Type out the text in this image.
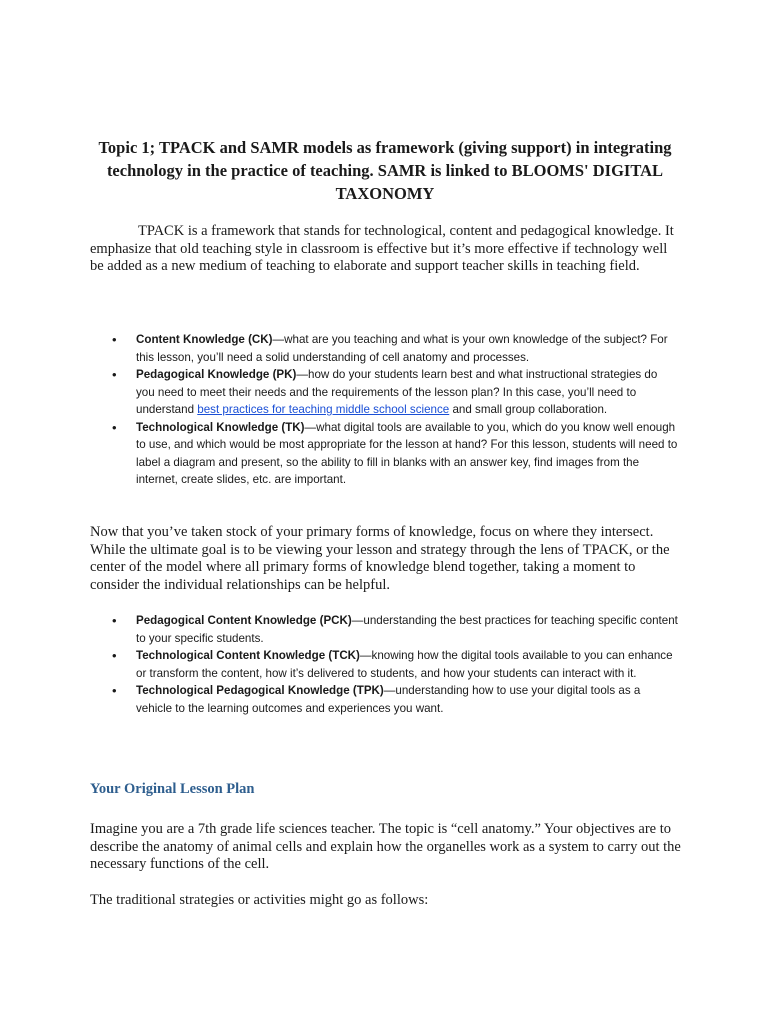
Topic 1; TPACK and SAMR models as framework (giving support) in integrating technology in the practice of teaching. SAMR is linked to BLOOMS' DIGITAL TAXONOMY

TPACK is a framework that stands for technological, content and pedagogical knowledge. It emphasize that old teaching style in classroom is effective but it’s more effective if technology well be added as a new medium of teaching to elaborate and support teacher skills in teaching field.

• Content Knowledge (CK)—what are you teaching and what is your own knowledge of the subject? For this lesson, you’ll need a solid understanding of cell anatomy and processes.
• Pedagogical Knowledge (PK)—how do your students learn best and what instructional strategies do you need to meet their needs and the requirements of the lesson plan? In this case, you’ll need to understand best practices for teaching middle school science and small group collaboration.
• Technological Knowledge (TK)—what digital tools are available to you, which do you know well enough to use, and which would be most appropriate for the lesson at hand? For this lesson, students will need to label a diagram and present, so the ability to fill in blanks with an answer key, find images from the internet, create slides, etc. are important.

Now that you’ve taken stock of your primary forms of knowledge, focus on where they intersect. While the ultimate goal is to be viewing your lesson and strategy through the lens of TPACK, or the center of the model where all primary forms of knowledge blend together, taking a moment to consider the individual relationships can be helpful.

• Pedagogical Content Knowledge (PCK)—understanding the best practices for teaching specific content to your specific students.
• Technological Content Knowledge (TCK)—knowing how the digital tools available to you can enhance or transform the content, how it’s delivered to students, and how your students can interact with it.
• Technological Pedagogical Knowledge (TPK)—understanding how to use your digital tools as a vehicle to the learning outcomes and experiences you want.
Your Original Lesson Plan

Imagine you are a 7th grade life sciences teacher. The topic is “cell anatomy.” Your objectives are to describe the anatomy of animal cells and explain how the organelles work as a system to carry out the necessary functions of the cell.

The traditional strategies or activities might go as follows:
